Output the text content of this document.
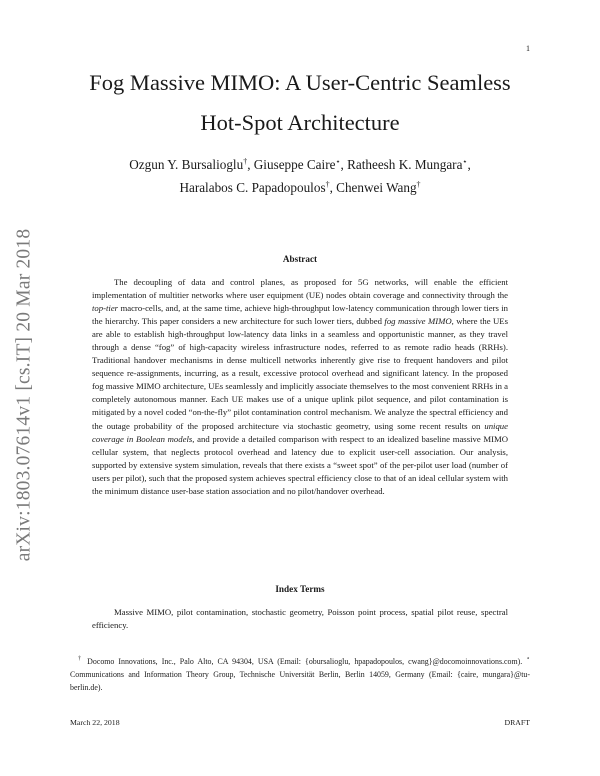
1
arXiv:1803.07614v1 [cs.IT] 20 Mar 2018
Fog Massive MIMO: A User-Centric Seamless
Hot-Spot Architecture
Ozgun Y. Bursalioglu†, Giuseppe Caire⋆, Ratheesh K. Mungara⋆,
Haralabos C. Papadopoulos†, Chenwei Wang†
Abstract

The decoupling of data and control planes, as proposed for 5G networks, will enable the efficient implementation of multitier networks where user equipment (UE) nodes obtain coverage and connectivity through the top-tier macro-cells, and, at the same time, achieve high-throughput low-latency communication through lower tiers in the hierarchy. This paper considers a new architecture for such lower tiers, dubbed fog massive MIMO, where the UEs are able to establish high-throughput low-latency data links in a seamless and opportunistic manner, as they travel through a dense “fog” of high-capacity wireless infrastructure nodes, referred to as remote radio heads (RRHs). Traditional handover mechanisms in dense multicell networks inherently give rise to frequent handovers and pilot sequence re-assignments, incurring, as a result, excessive protocol overhead and significant latency. In the proposed fog massive MIMO architecture, UEs seamlessly and implicitly associate themselves to the most convenient RRHs in a completely autonomous manner. Each UE makes use of a unique uplink pilot sequence, and pilot contamination is mitigated by a novel coded “on-the-fly” pilot contamination control mechanism. We analyze the spectral efficiency and the outage probability of the proposed architecture via stochastic geometry, using some recent results on unique coverage in Boolean models, and provide a detailed comparison with respect to an idealized baseline massive MIMO cellular system, that neglects protocol overhead and latency due to explicit user-cell association. Our analysis, supported by extensive system simulation, reveals that there exists a “sweet spot” of the per-pilot user load (number of users per pilot), such that the proposed system achieves spectral efficiency close to that of an ideal cellular system with the minimum distance user-base station association and no pilot/handover overhead.

Index Terms

Massive MIMO, pilot contamination, stochastic geometry, Poisson point process, spatial pilot reuse, spectral efficiency.

† Docomo Innovations, Inc., Palo Alto, CA 94304, USA (Email: {obursalioglu, hpapadopoulos, cwang}@docomoinnovations.com). ⋆ Communications and Information Theory Group, Technische Universität Berlin, Berlin 14059, Germany (Email: {caire, mungara}@tu-berlin.de).

March 22, 2018	DRAFT
